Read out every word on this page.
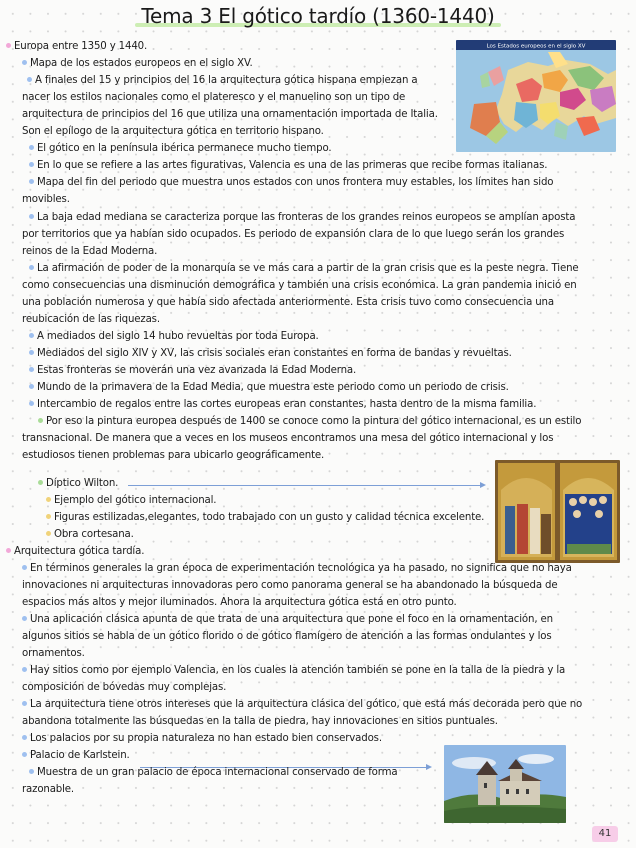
Tema 3 El gótico tardío (1360-1440)
Los Estados europeos en el siglo XV
Europa entre 1350 y 1440.
Mapa de los estados europeos en el siglo XV.
A finales del 15 y principios del 16 la arquitectura gótica hispana empiezan a
nacer los estilos nacionales como el plateresco y el manuelino son un tipo de
arquitectura de principios del 16 que utiliza una ornamentación importada de Italia.
Son el epílogo de la arquitectura gótica en territorio hispano.
El gótico en la península ibérica permanece mucho tiempo.
En lo que se refiere a las artes figurativas, Valencia es una de las primeras que recibe formas italianas.
Mapa del fin del periodo que muestra unos estados con unos frontera muy estables, los límites han sido
movibles.
La baja edad mediana se caracteriza porque las fronteras de los grandes reinos europeos se amplían aposta
por territorios que ya habían sido ocupados. Es periodo de expansión clara de lo que luego serán los grandes
reinos de la Edad Moderna.
La afirmación de poder de la monarquía se ve más cara a partir de la gran crisis que es la peste negra. Tiene
como consecuencias una disminución demográfica y también una crisis económica. La gran pandemia inició en
una población numerosa y que había sido afectada anteriormente. Esta crisis tuvo como consecuencia una
reubicación de las riquezas.
A mediados del siglo 14 hubo revueltas por toda Europa.
Mediados del siglo XIV y XV, las crisis sociales eran constantes en forma de bandas y revueltas.
Estas fronteras se moverán una vez avanzada la Edad Moderna.
Mundo de la primavera de la Edad Media, que muestra este periodo como un periodo de crisis.
Intercambio de regalos entre las cortes europeas eran constantes, hasta dentro de la misma familia.
Por eso la pintura europea después de 1400 se conoce como la pintura del gótico internacional, es un estilo
transnacional. De manera que a veces en los museos encontramos una mesa del gótico internacional y los
estudiosos tienen problemas para ubicarlo geográficamente.
Díptico Wilton.
Ejemplo del gótico internacional.
Figuras estilizadas,elegantes, todo trabajado con un gusto y calidad técnica excelente.
Obra cortesana.
Arquitectura gótica tardía.
En términos generales la gran época de experimentación tecnológica ya ha pasado, no significa que no haya
innovaciones ni arquitecturas innovadoras pero como panorama general se ha abandonado la búsqueda de
espacios más altos y mejor iluminados. Ahora la arquitectura gótica está en otro punto.
Una aplicación clásica apunta de que trata de una arquitectura que pone el foco en la ornamentación, en
algunos sitios se habla de un gótico florido o de gótico flamígero de atención a las formas ondulantes y los
ornamentos.
Hay sitios como por ejemplo Valencia, en los cuales la atención también se pone en la talla de la piedra y la
composición de bóvedas muy complejas.
La arquitectura tiene otros intereses que la arquitectura clásica del gótico, que está más decorada pero que no
abandona totalmente las búsquedas en la talla de piedra, hay innovaciones en sitios puntuales.
Los palacios por su propia naturaleza no han estado bien conservados.
Palacio de Karlstein.
Muestra de un gran palacio de época internacional conservado de forma
razonable.
41
